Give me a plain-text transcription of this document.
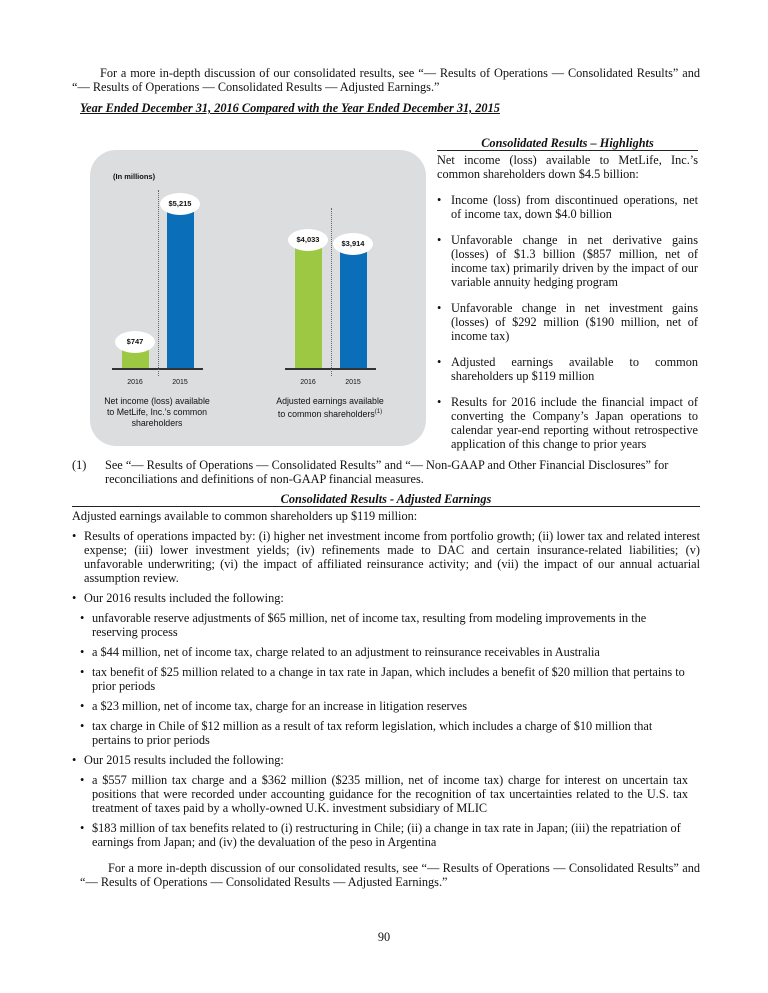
For a more in-depth discussion of our consolidated results, see “— Results of Operations — Consolidated Results” and “— Results of Operations — Consolidated Results — Adjusted Earnings.”
Year Ended December 31, 2016 Compared with the Year Ended December 31, 2015
(In millions)
$747
2016
$5,215
2015
Net income (loss) available to MetLife, Inc.’s common shareholders
$4,033
2016
$3,914
2015
Adjusted earnings available to common shareholders$^{(1)}$
Consolidated Results – Highlights
Net income (loss) available to MetLife, Inc.’s common shareholders down $4.5 billion:
• Income (loss) from discontinued operations, net of income tax, down $4.0 billion
• Unfavorable change in net derivative gains (losses) of $1.3 billion ($857 million, net of income tax) primarily driven by the impact of our variable annuity hedging program
• Unfavorable change in net investment gains (losses) of $292 million ($190 million, net of income tax)
• Adjusted earnings available to common shareholders up $119 million
• Results for 2016 include the financial impact of converting the Company’s Japan operations to calendar year-end reporting without retrospective application of this change to prior years
(1)	See “— Results of Operations — Consolidated Results” and “— Non-GAAP and Other Financial Disclosures” for reconciliations and definitions of non-GAAP financial measures.
Consolidated Results - Adjusted Earnings
Adjusted earnings available to common shareholders up $119 million:
• Results of operations impacted by: (i) higher net investment income from portfolio growth; (ii) lower tax and related interest expense; (iii) lower investment yields; (iv) refinements made to DAC and certain insurance-related liabilities; (v) unfavorable underwriting; (vi) the impact of affiliated reinsurance activity; and (vii) the impact of our annual actuarial assumption review.
• Our 2016 results included the following:
• unfavorable reserve adjustments of $65 million, net of income tax, resulting from modeling improvements in the reserving process
• a $44 million, net of income tax, charge related to an adjustment to reinsurance receivables in Australia
• tax benefit of $25 million related to a change in tax rate in Japan, which includes a benefit of $20 million that pertains to prior periods
• a $23 million, net of income tax, charge for an increase in litigation reserves
• tax charge in Chile of $12 million as a result of tax reform legislation, which includes a charge of $10 million that pertains to prior periods
• Our 2015 results included the following:
• a $557 million tax charge and a $362 million ($235 million, net of income tax) charge for interest on uncertain tax positions that were recorded under accounting guidance for the recognition of tax uncertainties related to the U.S. tax treatment of taxes paid by a wholly-owned U.K. investment subsidiary of MLIC
• $183 million of tax benefits related to (i) restructuring in Chile; (ii) a change in tax rate in Japan; (iii) the repatriation of earnings from Japan; and (iv) the devaluation of the peso in Argentina
For a more in-depth discussion of our consolidated results, see “— Results of Operations — Consolidated Results” and “— Results of Operations — Consolidated Results — Adjusted Earnings.”
90
